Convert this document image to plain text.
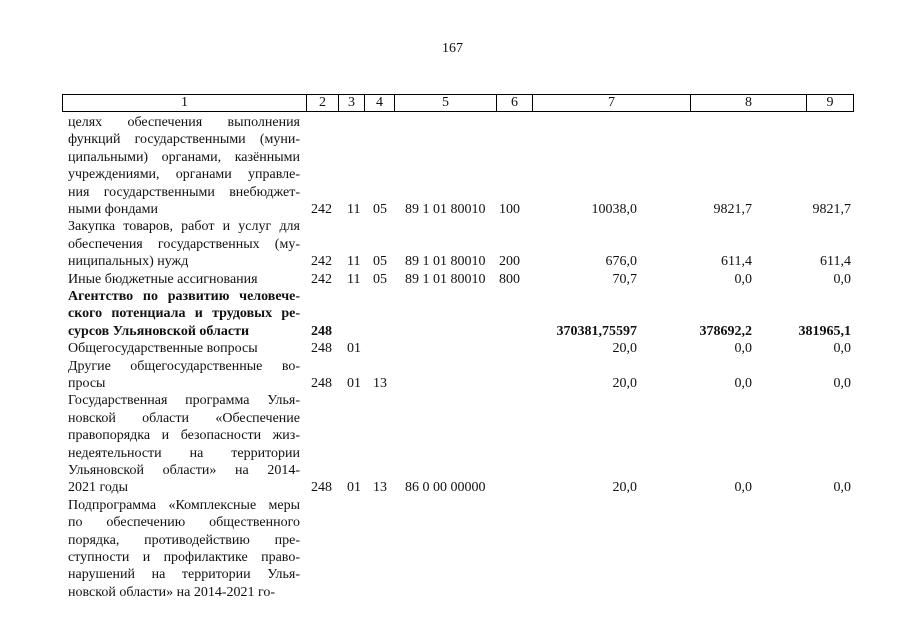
167
1	2	3	4	5	6	7	8	9
целях обеспечения выполнения
функций государственными (муни-
ципальными) органами, казёнными
учреждениями, органами управле-
ния государственными внебюджет-
ными фондами	242 11 05 89 1 01 80010 100	10038,0	9821,7	9821,7
Закупка товаров, работ и услуг для
обеспечения государственных (му-
ниципальных) нужд	242 11 05 89 1 01 80010 200	676,0	611,4	611,4
Иные бюджетные ассигнования	242 11 05 89 1 01 80010 800	70,7	0,0	0,0
Агентство по развитию человече-
ского потенциала и трудовых ре-
сурсов Ульяновской области	248	370381,75597	378692,2	381965,1
Общегосударственные вопросы	248 01	20,0	0,0	0,0
Другие общегосударственные во-
просы	248 01 13	20,0	0,0	0,0
Государственная программа Улья-
новской области «Обеспечение
правопорядка и безопасности жиз-
недеятельности на территории
Ульяновской области» на 2014-
2021 годы	248 01 13 86 0 00 00000	20,0	0,0	0,0
Подпрограмма «Комплексные меры
по обеспечению общественного
порядка, противодействию пре-
ступности и профилактике право-
нарушений на территории Улья-
новской области» на 2014-2021 го-
